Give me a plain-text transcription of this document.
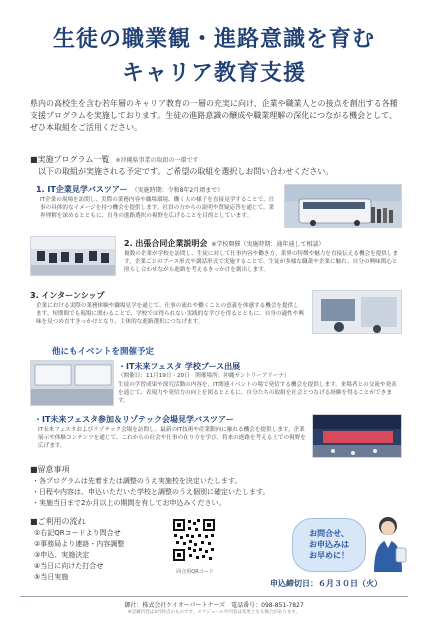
生徒の職業観・進路意識を育む
キャリア教育支援
県内の高校生を含む若年層のキャリア教育の一層の充実に向け、企業や職業人との接点を創出する各種支援プログラムを実施しております。生徒の進路意識の醸成や職業理解の深化につながる機会として、ぜひ本取組をご活用ください。
■実施プログラム一覧 ※沖縄県事業の取組の一環です
以下の取組が実施される予定です。ご希望の取組を選択しお問い合わせください。
1. IT企業見学バスツアー （実施時期：令和8年2月頃まで）
IT企業の現場を訪問し、実際の業務内容や職場環境、働く人の様子を直接見学することで、仕事の具体的なイメージを持つ機会を提供します。社員の方からの説明や質疑応答を通じて、業界理解を深めるとともに、自身の進路選択の視野を広げることを目的としています。
2. 出張合同企業説明会 ※学校開催（実施時期：通年通して相談）
複数の企業が学校を訪問し、生徒に対して仕事内容や働き方、業界の特徴や魅力を直接伝える機会を提供します。企業ごとのブース形式や講話形式で実施することで、生徒が多様な職業や企業に触れ、自分の興味関心と照らし合わせながら進路を考えるきっかけを創出します。
3. インターンシップ
企業における実際の業務体験や職場見学を通じて、仕事の流れや働くことの意義を体感する機会を提供します。短期間でも現場に関わることで、学校では得られない実践的な学びを得るとともに、自身の適性や興味を見つめ直すきっかけとなり、主体的な進路選択につなげます。
他にもイベントを開催予定
・IT未来フェスタ 学校ブース出展
（開催日：11月19日・20日　開催場所：沖縄サントリーアリーナ）
生徒の学習成果や探究活動の内容を、IT関連イベントの場で発信する機会を提供します。来場者との交流や発表を通じて、表現力や発信力の向上を図るとともに、自分たちの取組を社会とつなげる経験を得ることができます。
・IT未来フェスタ参加＆リゾテック会場見学バスツアー
IT未来フェスタおよびリゾテック会場を訪問し、最新のIT技術や産業動向に触れる機会を提供します。企業展示や体験コンテンツを通じて、これからの社会や仕事の在り方を学び、将来の進路を考える上での視野を広げます。
■留意事項
・各プログラムは先着または調整のうえ実施校を決定いたします。
・日程や内容は、申込いただいた学校と調整のうえ個別に確定いたします。
・実施当日まで2か月以上の期間を有してお申込みください。
■ご利用の流れ
①右記QRコードより問合せ
②事務局より連絡・内容調整
③申込、実施決定
④当日に向けた打合せ
⑤当日実施
回合用QRコード
お問合せ、
お申込みは
お早めに！
申込締切日：６月３０日（火）
御社：株式会社ケイオーパートナーズ　電話番号：098-851-7827
※記載内容は4月時点のものです。スケジュールや内容は変更となる場合があります。
